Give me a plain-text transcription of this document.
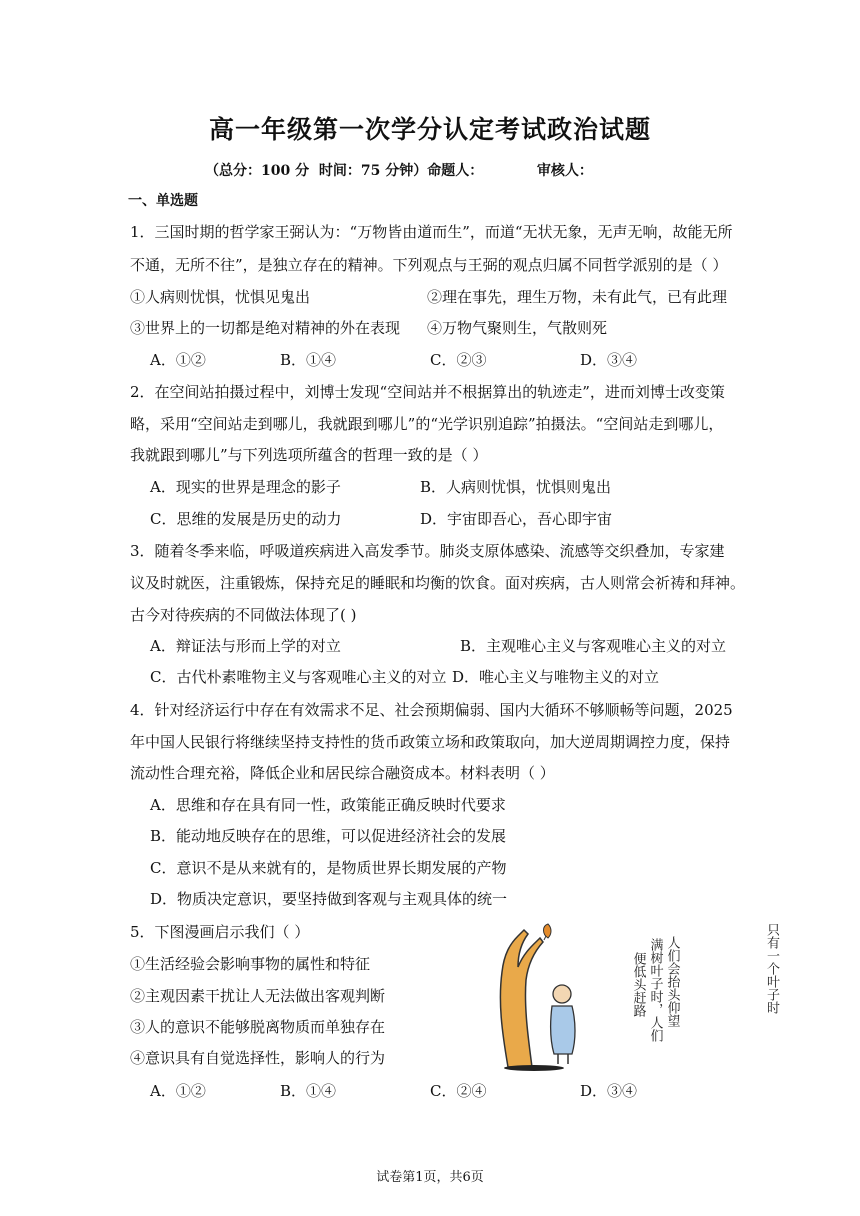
高一年级第一次学分认定考试政治试题
（总分：100 分  时间：75 分钟）命题人：           审核人：
一、单选题
1．三国时期的哲学家王弼认为：“万物皆由道而生”，而道“无状无象，无声无响，故能无所
不通，无所不往”，是独立存在的精神。下列观点与王弼的观点归属不同哲学派别的是（ ）
①人病则忧惧，忧惧见鬼出	②理在事先，理生万物，未有此气，已有此理
③世界上的一切都是绝对精神的外在表现 ④万物气聚则生，气散则死
A．①②	B．①④	C．②③	D．③④
2．在空间站拍摄过程中，刘博士发现“空间站并不根据算出的轨迹走”，进而刘博士改变策
略，采用“空间站走到哪儿，我就跟到哪儿”的“光学识别追踪”拍摄法。“空间站走到哪儿，
我就跟到哪儿”与下列选项所蕴含的哲理一致的是（ ）
A．现实的世界是理念的影子	B．人病则忧惧，忧惧则鬼出
C．思维的发展是历史的动力	D．宇宙即吾心，吾心即宇宙
3．随着冬季来临，呼吸道疾病进入高发季节。肺炎支原体感染、流感等交织叠加，专家建
议及时就医，注重锻炼，保持充足的睡眠和均衡的饮食。面对疾病，古人则常会祈祷和拜神。
古今对待疾病的不同做法体现了( )
A．辩证法与形而上学的对立	B．主观唯心主义与客观唯心主义的对立
C．古代朴素唯物主义与客观唯心主义的对立 D．唯心主义与唯物主义的对立
4．针对经济运行中存在有效需求不足、社会预期偏弱、国内大循环不够顺畅等问题，2025
年中国人民银行将继续坚持支持性的货币政策立场和政策取向，加大逆周期调控力度，保持
流动性合理充裕，降低企业和居民综合融资成本。材料表明（ ）
A．思维和存在具有同一性，政策能正确反映时代要求
B．能动地反映存在的思维，可以促进经济社会的发展
C．意识不是从来就有的，是物质世界长期发展的产物
D．物质决定意识，要坚持做到客观与主观具体的统一
5．下图漫画启示我们（ ）
①生活经验会影响事物的属性和特征
②主观因素干扰让人无法做出客观判断
③人的意识不能够脱离物质而单独存在
④意识具有自觉选择性，影响人的行为
A．①②	B．①④	C．②④	D．③④
只有一个叶子时
人们会抬头仰望
满树叶子时，人们
便低头赶路
试卷第1页，共6页
